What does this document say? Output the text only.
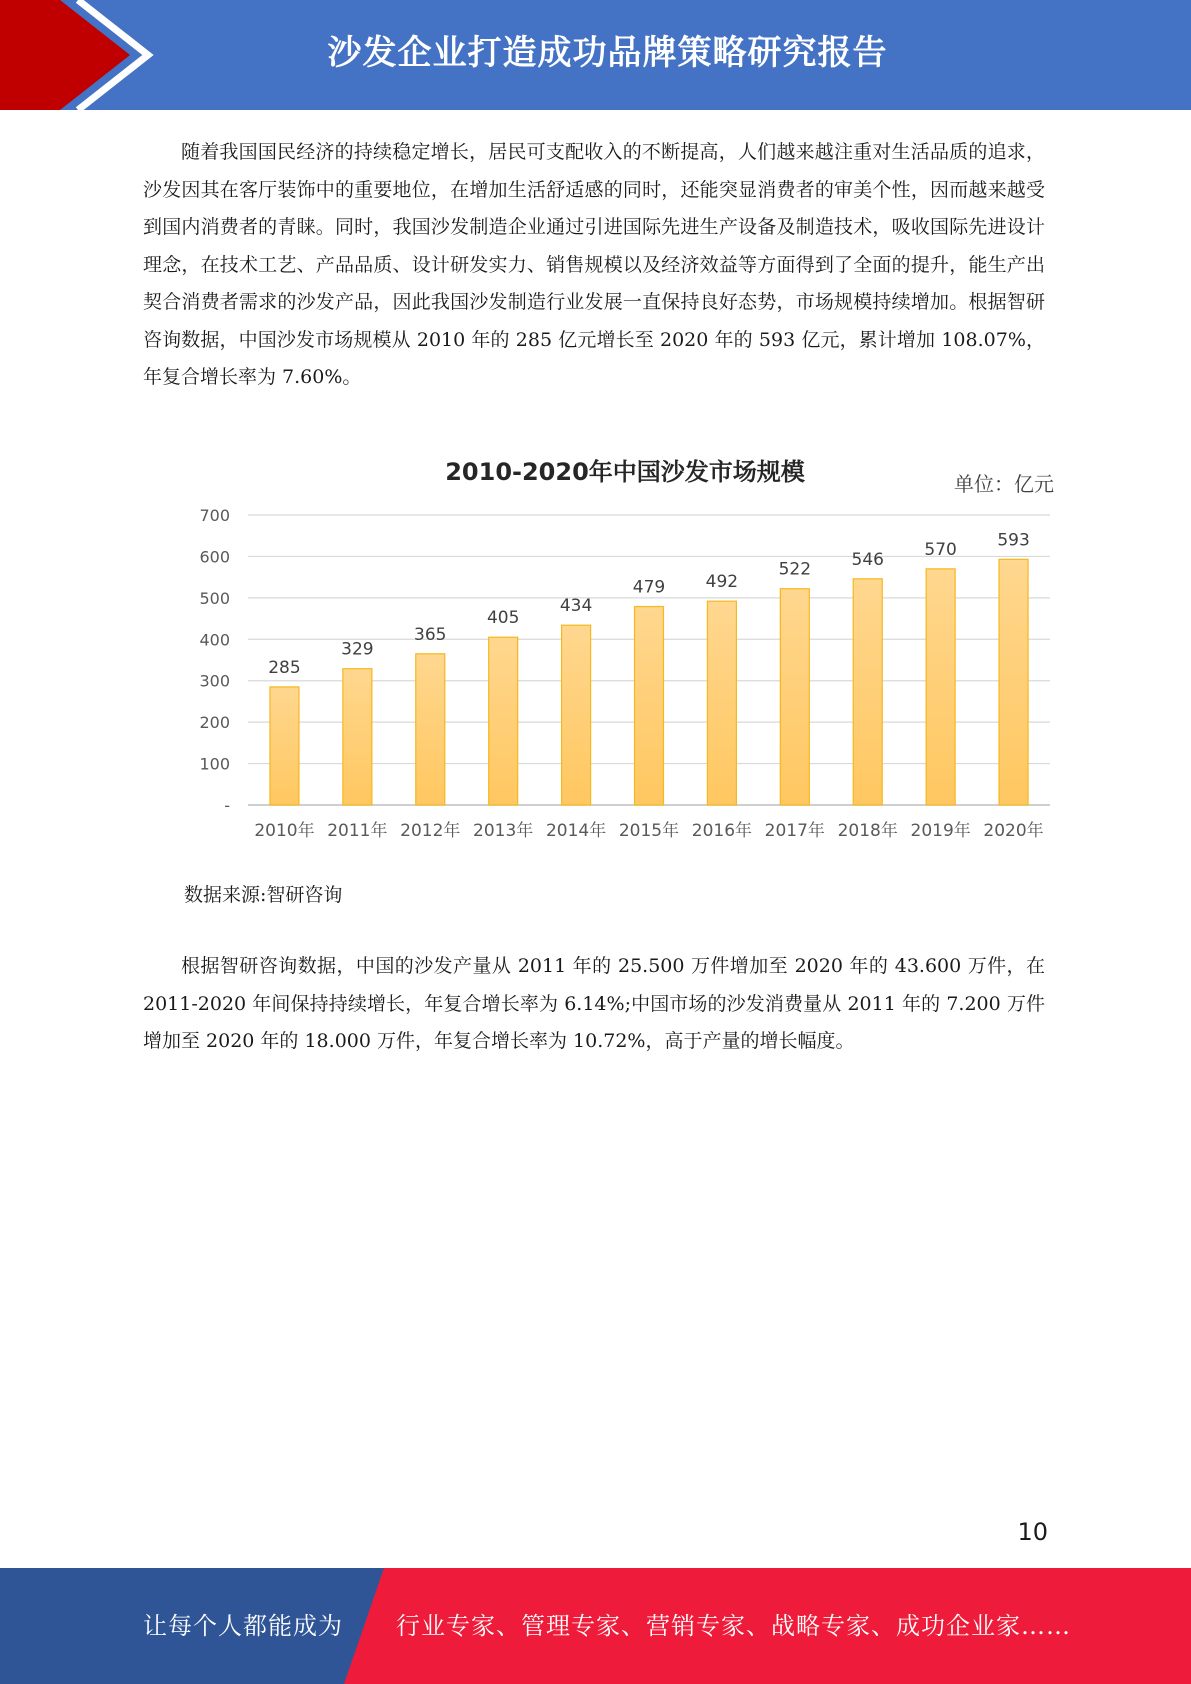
沙发企业打造成功品牌策略研究报告

随着我国国民经济的持续稳定增长，居民可支配收入的不断提高，人们越来越注重对生活品质的追求，沙发因其在客厅装饰中的重要地位，在增加生活舒适感的同时，还能突显消费者的审美个性，因而越来越受到国内消费者的青睐。同时，我国沙发制造企业通过引进国际先进生产设备及制造技术，吸收国际先进设计理念，在技术工艺、产品品质、设计研发实力、销售规模以及经济效益等方面得到了全面的提升，能生产出契合消费者需求的沙发产品，因此我国沙发制造行业发展一直保持良好态势，市场规模持续增加。根据智研咨询数据，中国沙发市场规模从 2010 年的 285 亿元增长至 2020 年的 593 亿元，累计增加 108.07%，年复合增长率为 7.60%。

285
329
365
405
434
479 492
522 546 570 593
-
100
200
300
400
500
600
700
2010年 2011年 2012年 2013年 2014年 2015年 2016年 2017年 2018年 2019年 2020年
2010-2020年中国沙发市场规模	单位：亿元
数据来源:智研咨询

根据智研咨询数据，中国的沙发产量从 2011 年的 25.500 万件增加至 2020 年的 43.600 万件，在 2011-2020 年间保持持续增长，年复合增长率为 6.14%;中国市场的沙发消费量从 2011 年的 7.200 万件增加至 2020 年的 18.000 万件，年复合增长率为 10.72%，高于产量的增长幅度。

10
让每个人都能成为 行业专家、管理专家、营销专家、战略专家、成功企业家……
